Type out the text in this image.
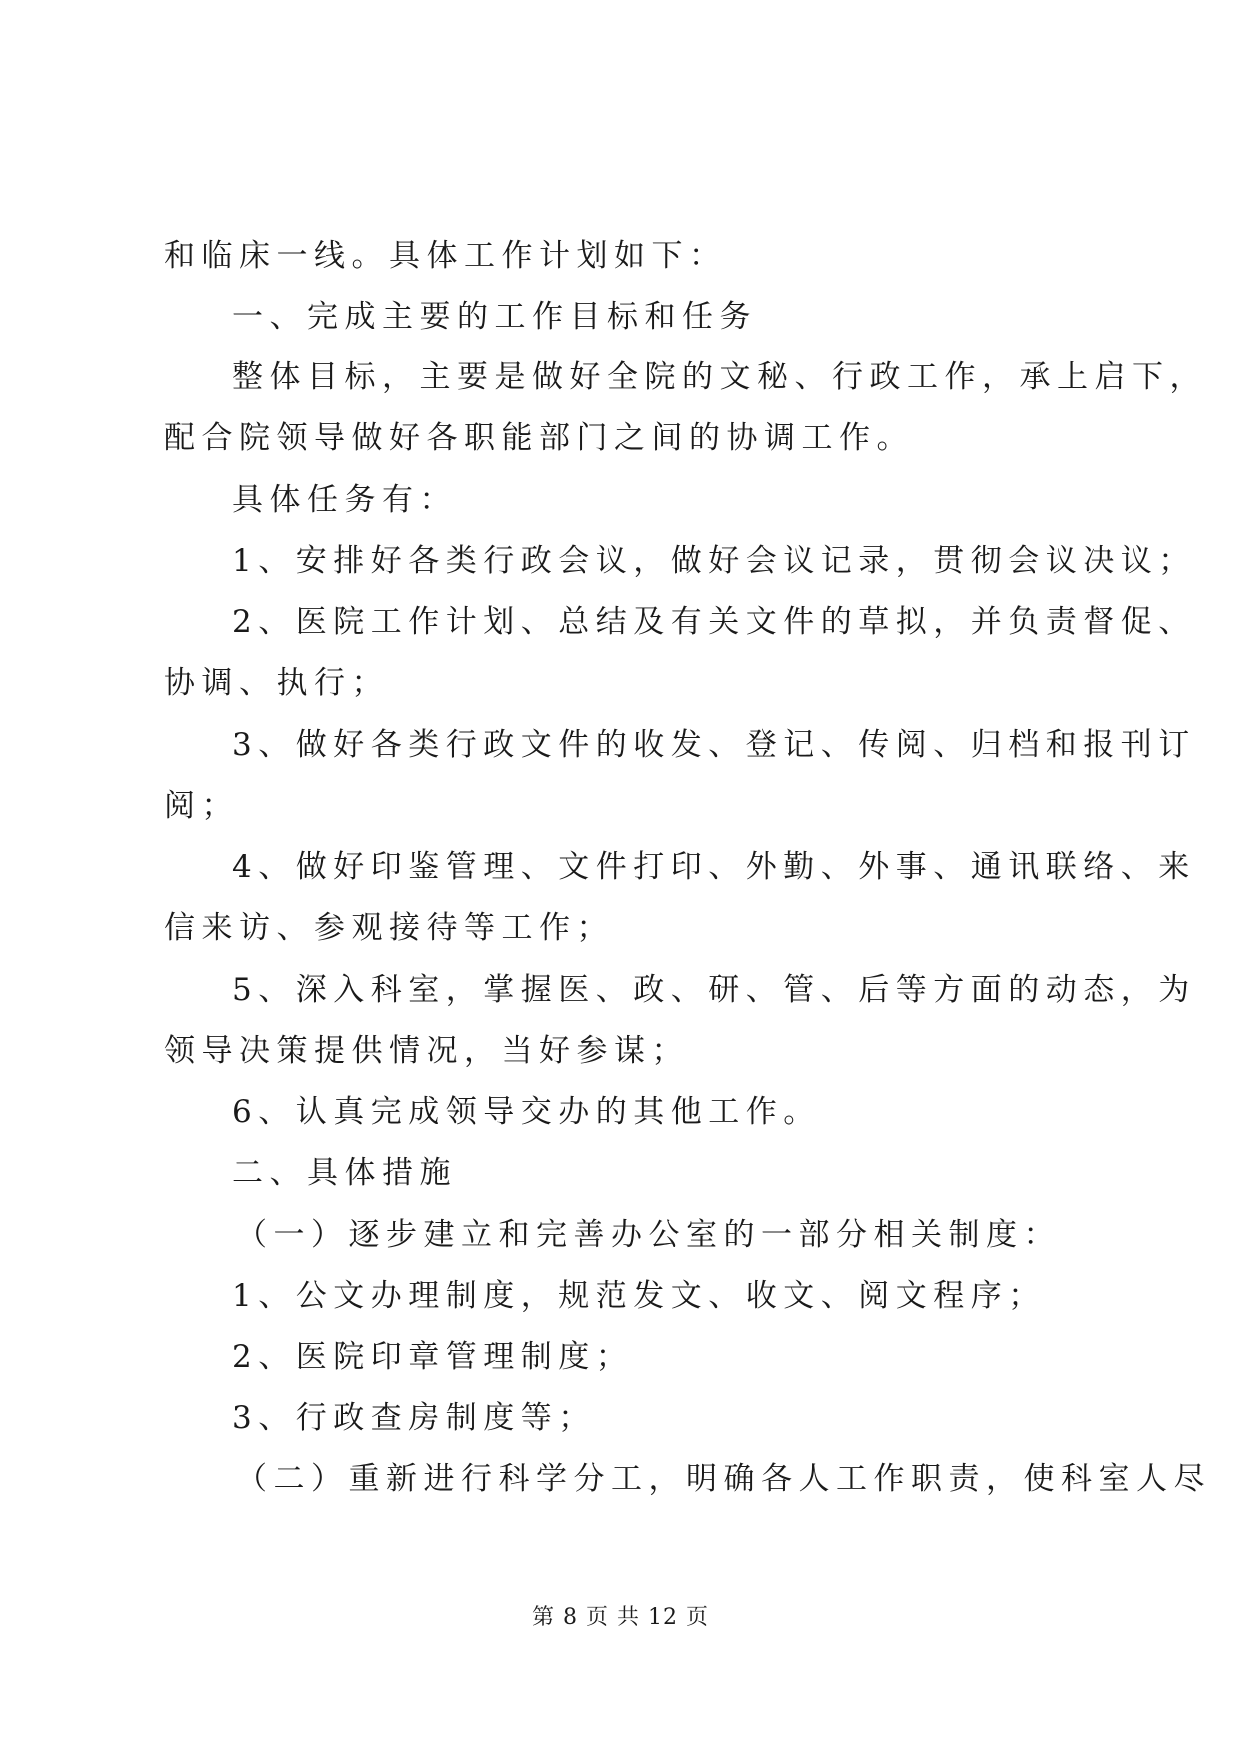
和临床一线。具体工作计划如下：
一、完成主要的工作目标和任务
整体目标，主要是做好全院的文秘、行政工作，承上启下，
配合院领导做好各职能部门之间的协调工作。
具体任务有：
1、安排好各类行政会议，做好会议记录，贯彻会议决议；
2、医院工作计划、总结及有关文件的草拟，并负责督促、
协调、执行；
3、做好各类行政文件的收发、登记、传阅、归档和报刊订
阅；
4、做好印鉴管理、文件打印、外勤、外事、通讯联络、来
信来访、参观接待等工作；
5、深入科室，掌握医、政、研、管、后等方面的动态，为
领导决策提供情况，当好参谋；
6、认真完成领导交办的其他工作。
二、具体措施
（一）逐步建立和完善办公室的一部分相关制度：
1、公文办理制度，规范发文、收文、阅文程序；
2、医院印章管理制度；
3、行政查房制度等；
（二）重新进行科学分工，明确各人工作职责，使科室人尽
第 8 页 共 12 页
